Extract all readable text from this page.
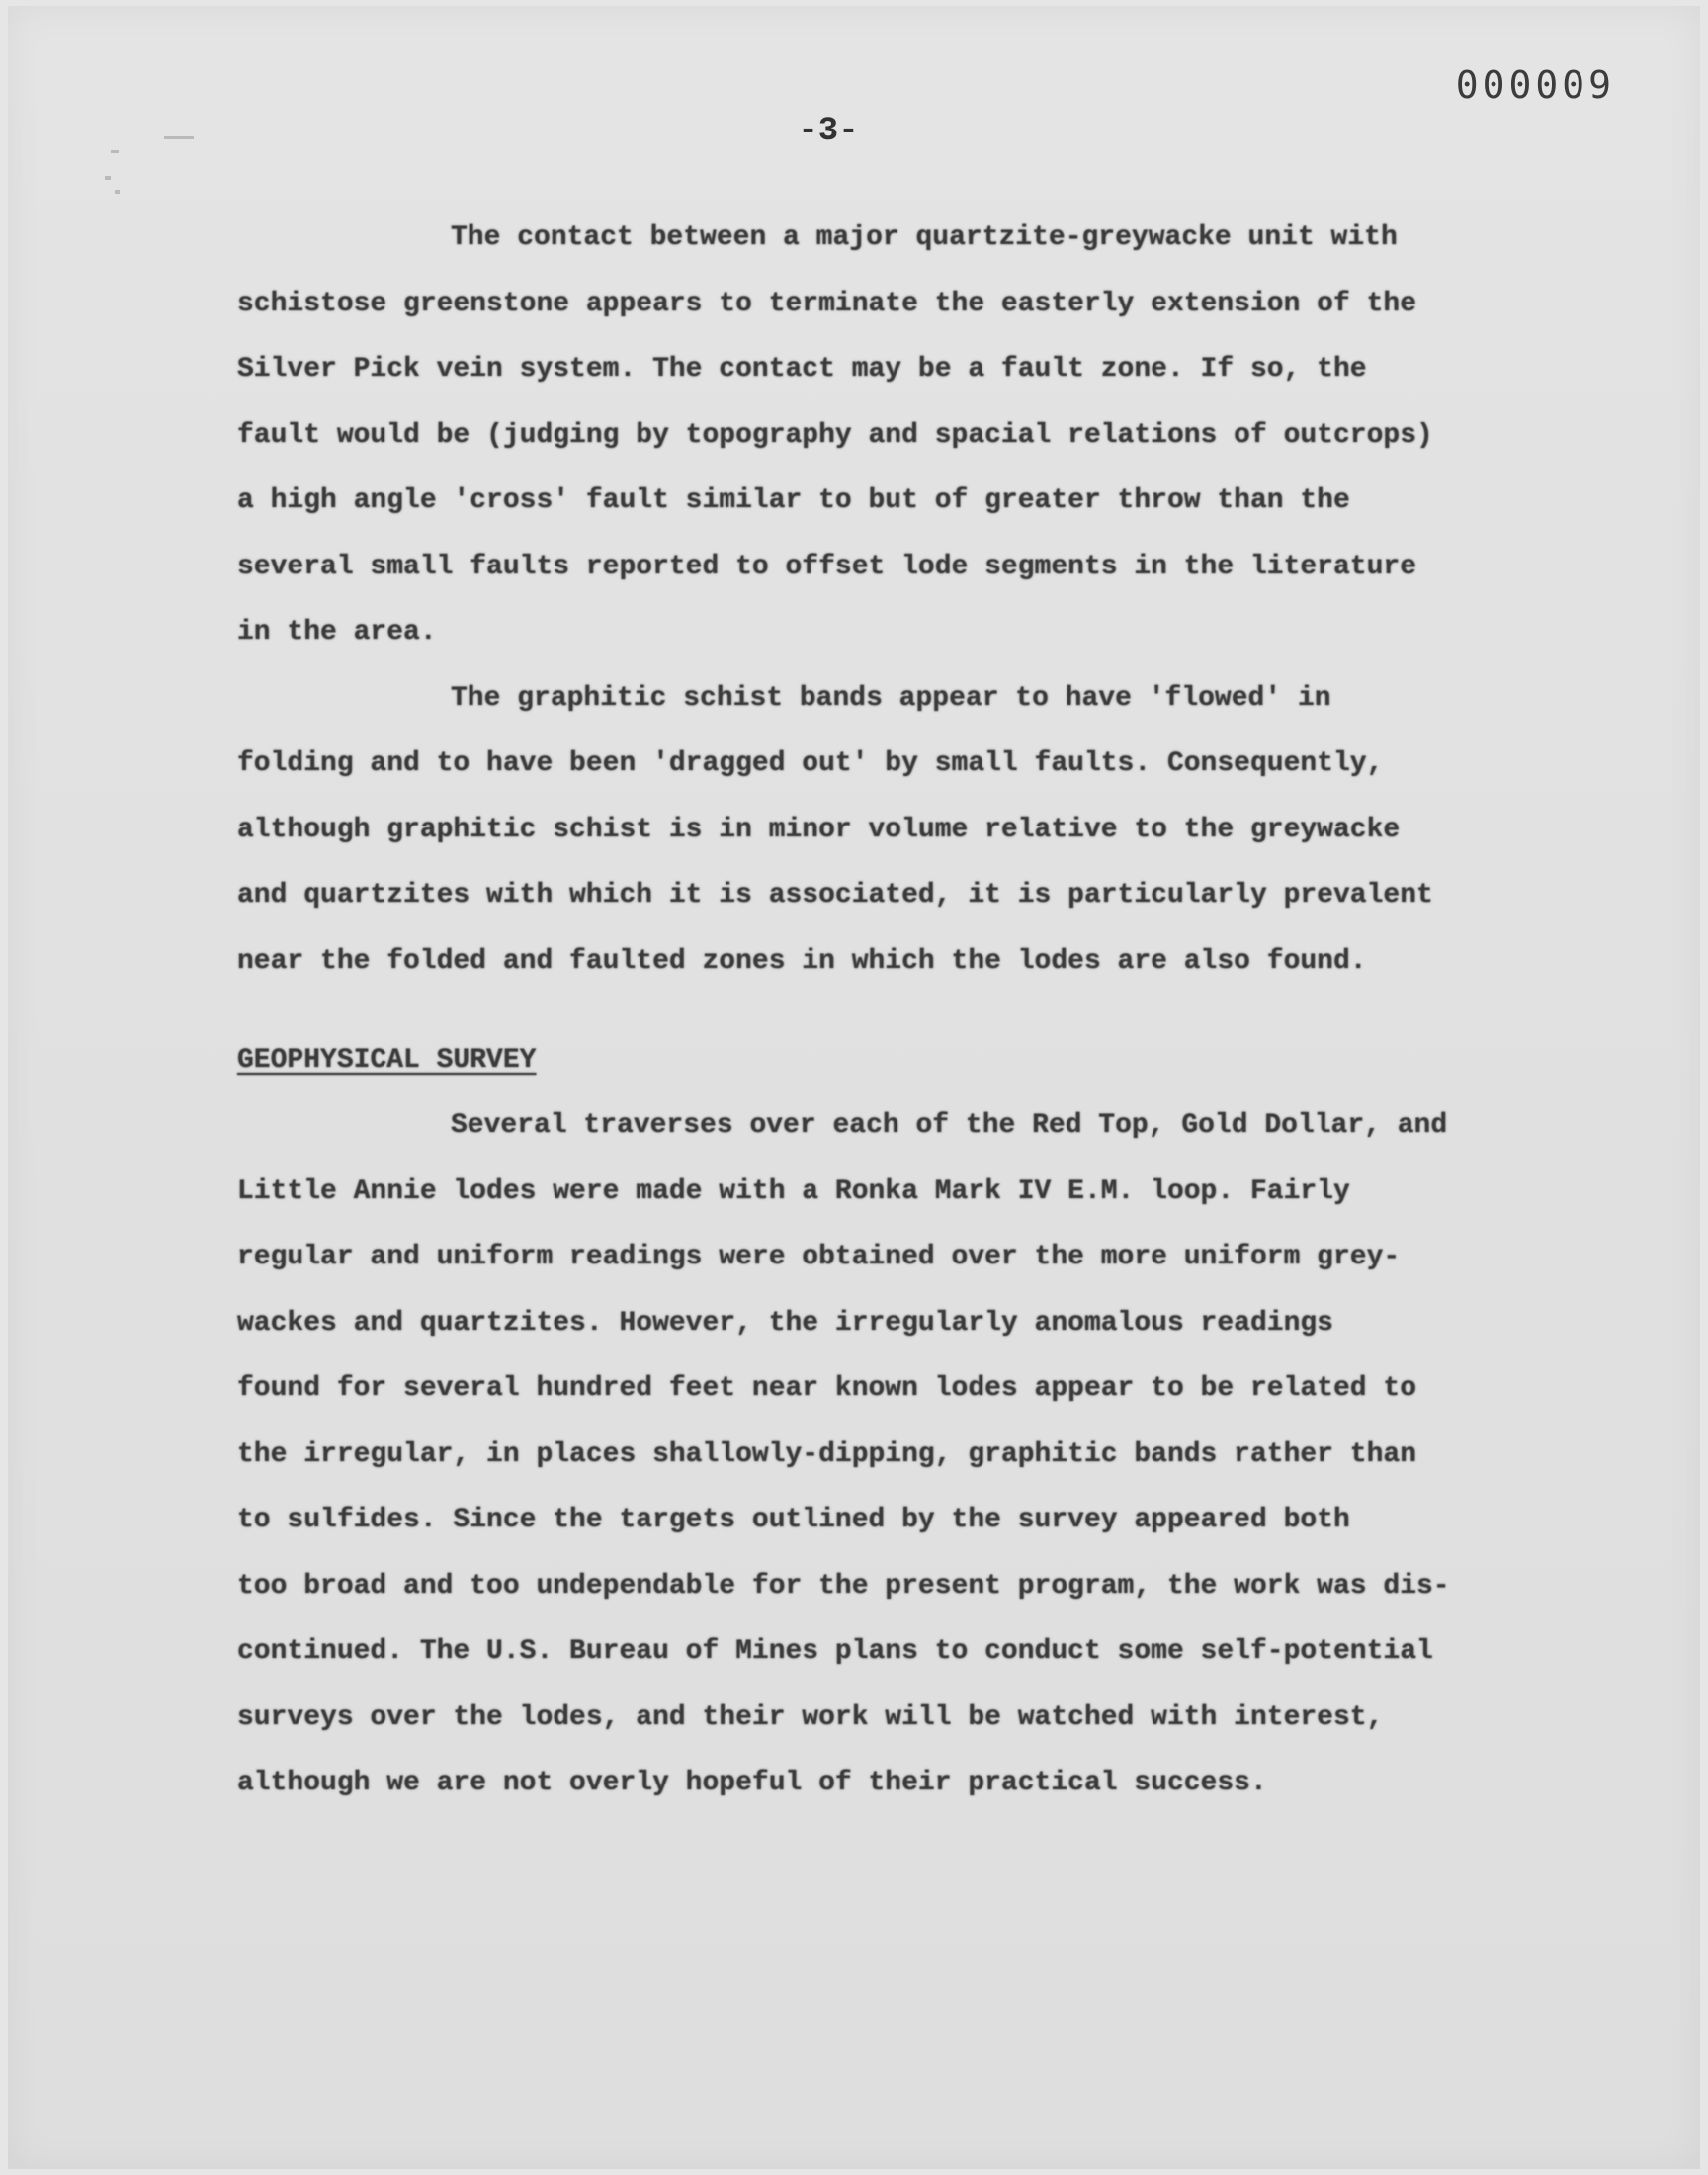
000009
-3-
The contact between a major quartzite-greywacke unit with
schistose greenstone appears to terminate the easterly extension of the
Silver Pick vein system. The contact may be a fault zone. If so, the
fault would be (judging by topography and spacial relations of outcrops)
a high angle 'cross' fault similar to but of greater throw than the
several small faults reported to offset lode segments in the literature
in the area.
The graphitic schist bands appear to have 'flowed' in
folding and to have been 'dragged out' by small faults. Consequently,
although graphitic schist is in minor volume relative to the greywacke
and quartzites with which it is associated, it is particularly prevalent
near the folded and faulted zones in which the lodes are also found.
GEOPHYSICAL SURVEY
Several traverses over each of the Red Top, Gold Dollar, and
Little Annie lodes were made with a Ronka Mark IV E.M. loop. Fairly
regular and uniform readings were obtained over the more uniform grey-
wackes and quartzites. However, the irregularly anomalous readings
found for several hundred feet near known lodes appear to be related to
the irregular, in places shallowly-dipping, graphitic bands rather than
to sulfides. Since the targets outlined by the survey appeared both
too broad and too undependable for the present program, the work was dis-
continued. The U.S. Bureau of Mines plans to conduct some self-potential
surveys over the lodes, and their work will be watched with interest,
although we are not overly hopeful of their practical success.
